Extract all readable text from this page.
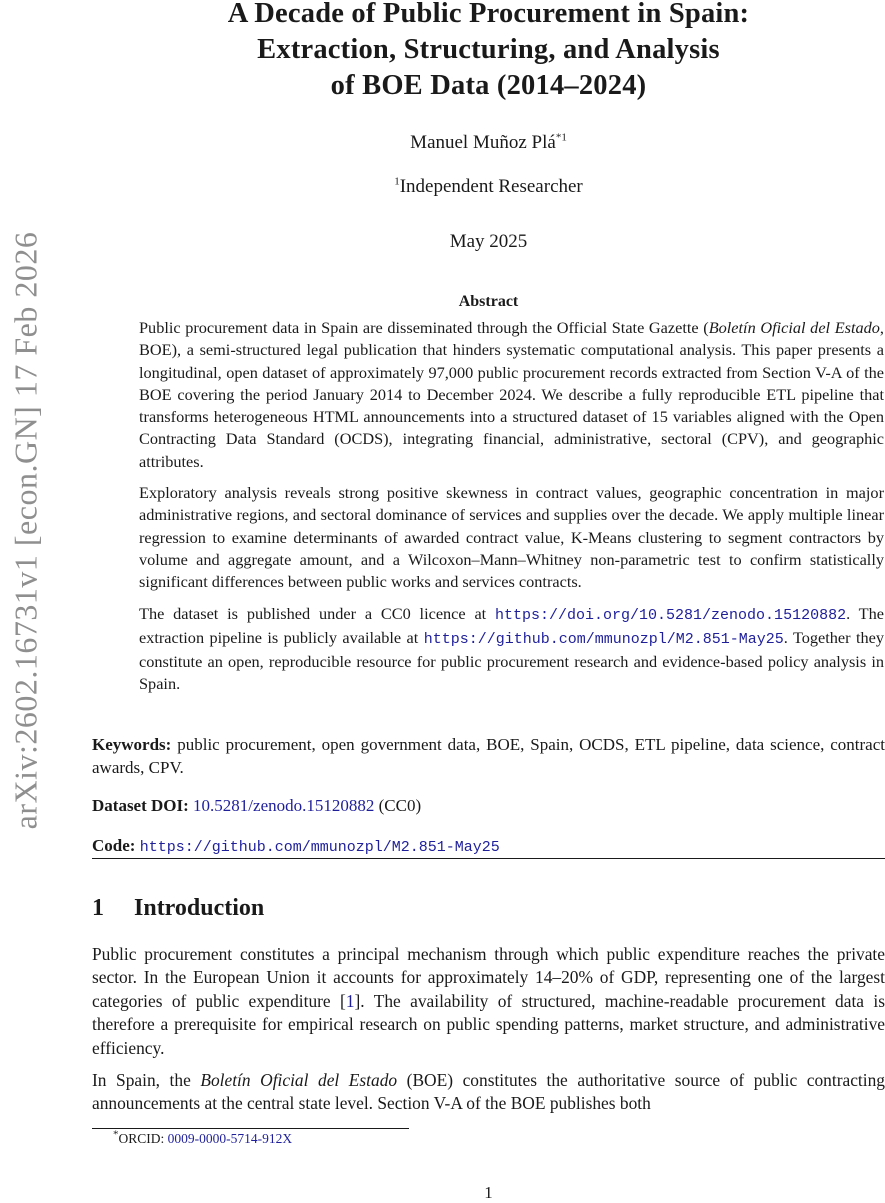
arXiv:2602.16731v1 [econ.GN] 17 Feb 2026
A Decade of Public Procurement in Spain:
Extraction, Structuring, and Analysis
of BOE Data (2014–2024)
Manuel Muñoz Plá$^{*1}$
$^1$Independent Researcher
May 2025
Abstract

Public procurement data in Spain are disseminated through the Official State Gazette (Boletín Oficial del Estado, BOE), a semi-structured legal publication that hinders systematic computational analysis. This paper presents a longitudinal, open dataset of approximately 97,000 public procurement records extracted from Section V-A of the BOE covering the period January 2014 to December 2024. We describe a fully reproducible ETL pipeline that transforms heterogeneous HTML announcements into a structured dataset of 15 variables aligned with the Open Contracting Data Standard (OCDS), integrating financial, administrative, sectoral (CPV), and geographic attributes.

Exploratory analysis reveals strong positive skewness in contract values, geographic concentration in major administrative regions, and sectoral dominance of services and supplies over the decade. We apply multiple linear regression to examine determinants of awarded contract value, K-Means clustering to segment contractors by volume and aggregate amount, and a Wilcoxon–Mann–Whitney non-parametric test to confirm statistically significant differences between public works and services contracts.

The dataset is published under a CC0 licence at https://doi.org/10.5281/zenodo.15120882. The extraction pipeline is publicly available at https://github.com/mmunozpl/M2.851-May25. Together they constitute an open, reproducible resource for public procurement research and evidence-based policy analysis in Spain.

Keywords: public procurement, open government data, BOE, Spain, OCDS, ETL pipeline, data science, contract awards, CPV.
Dataset DOI: 10.5281/zenodo.15120882 (CC0)
Code: https://github.com/mmunozpl/M2.851-May25
1 Introduction

Public procurement constitutes a principal mechanism through which public expenditure reaches the private sector. In the European Union it accounts for approximately 14–20% of GDP, representing one of the largest categories of public expenditure [1]. The availability of structured, machine-readable procurement data is therefore a prerequisite for empirical research on public spending patterns, market structure, and administrative efficiency.

In Spain, the Boletín Oficial del Estado (BOE) constitutes the authoritative source of public contracting announcements at the central state level. Section V-A of the BOE publishes both

*ORCID: 0009-0000-5714-912X
1
